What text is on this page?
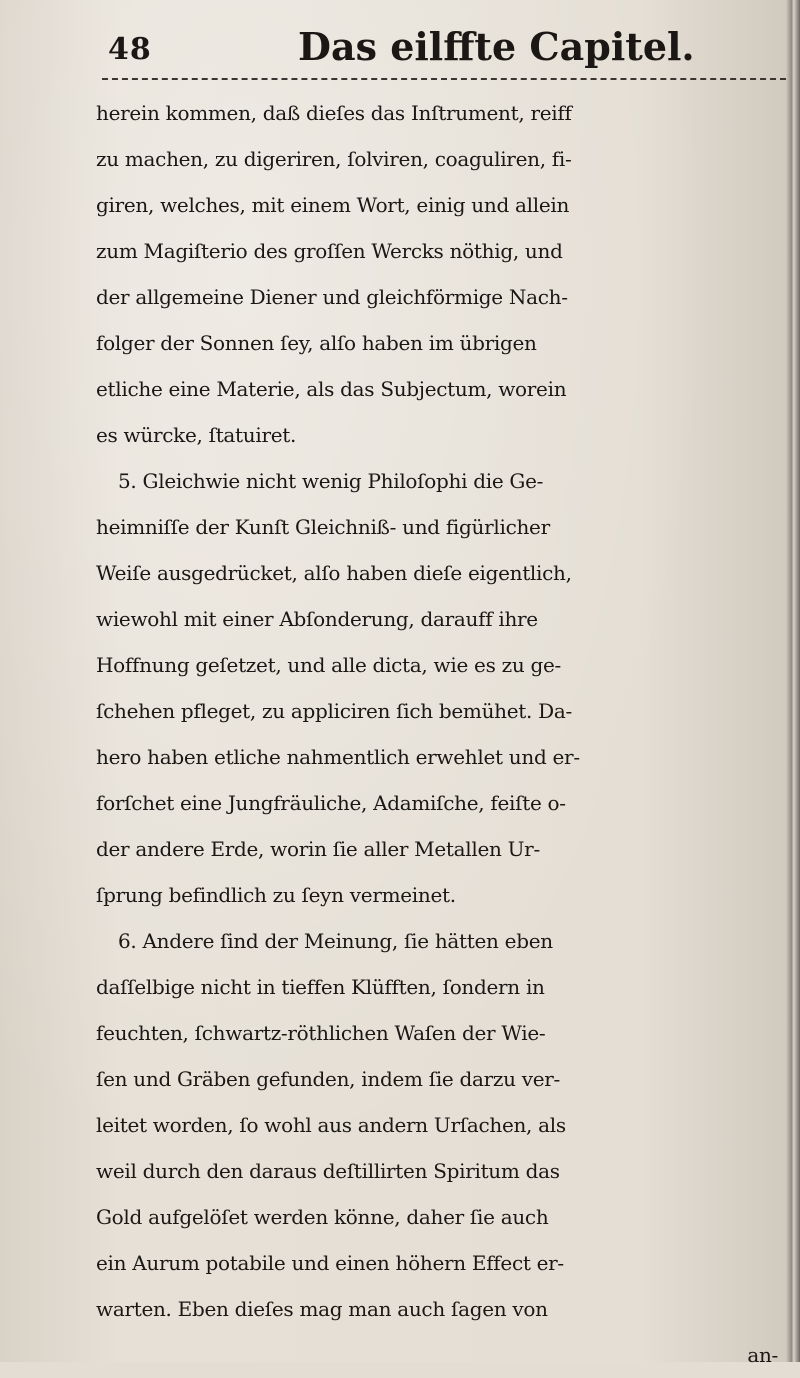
48	Das eilffte Capitel.
herein kommen, daß dieſes das Inſtrument, reiff
zu machen, zu digeriren, ſolviren, coaguliren, fi-
giren, welches, mit einem Wort, einig und allein
zum Magiſterio des groſſen Wercks nöthig, und
der allgemeine Diener und gleichförmige Nach-
folger der Sonnen ſey, alſo haben im übrigen
etliche eine Materie, als das Subjectum, worein
es würcke, ſtatuiret.
5. Gleichwie nicht wenig Philoſophi die Ge-
heimniſſe der Kunſt Gleichniß- und figürlicher
Weiſe ausgedrücket, alſo haben dieſe eigentlich,
wiewohl mit einer Abſonderung, darauff ihre
Hoffnung geſetzet, und alle dicta, wie es zu ge-
ſchehen pfleget, zu appliciren ſich bemühet. Da-
hero haben etliche nahmentlich erwehlet und er-
forſchet eine Jungfräuliche, Adamiſche, feiſte o-
der andere Erde, worin ſie aller Metallen Ur-
ſprung befindlich zu ſeyn vermeinet.
6. Andere ſind der Meinung, ſie hätten eben
daſſelbige nicht in tieffen Klüfften, ſondern in
feuchten, ſchwartz-röthlichen Waſen der Wie-
ſen und Gräben gefunden, indem ſie darzu ver-
leitet worden, ſo wohl aus andern Urſachen, als
weil durch den daraus deſtillirten Spiritum das
Gold aufgelöſet werden könne, daher ſie auch
ein Aurum potabile und einen höhern Effect er-
warten. Eben dieſes mag man auch ſagen von
an-
